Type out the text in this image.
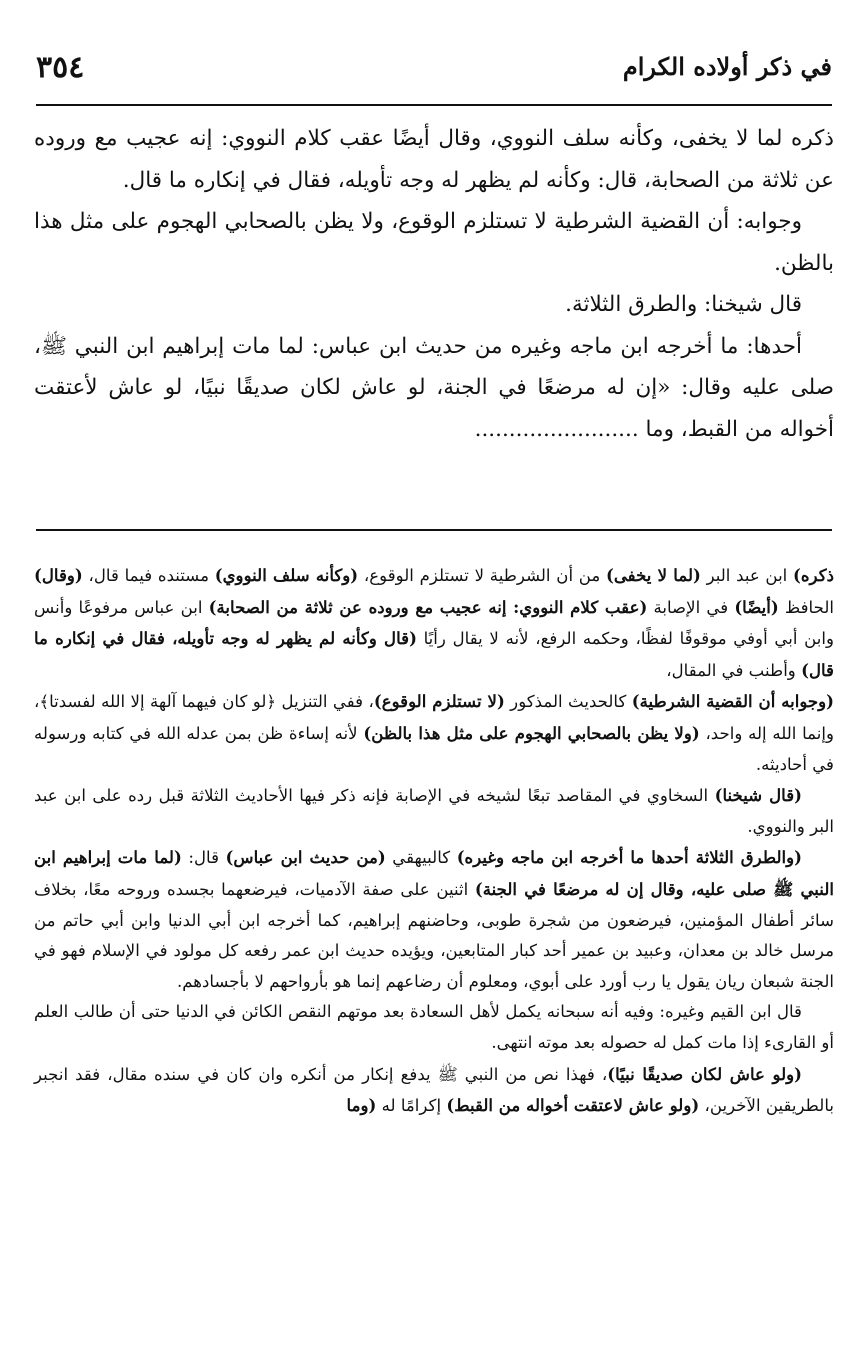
٣٥٤	في ذكر أولاده الكرام

ذكره لما لا يخفى، وكأنه سلف النووي، وقال أيضًا عقب كلام النووي: إنه عجيب مع وروده عن ثلاثة من الصحابة، قال: وكأنه لم يظهر له وجه تأويله، فقال في إنكاره ما قال.

وجوابه: أن القضية الشرطية لا تستلزم الوقوع، ولا يظن بالصحابي الهجوم على مثل هذا بالظن.

قال شيخنا: والطرق الثلاثة.

أحدها: ما أخرجه ابن ماجه وغيره من حديث ابن عباس: لما مات إبراهيم ابن النبي ﷺ، صلى عليه وقال: «إن له مرضعًا في الجنة، لو عاش لكان صديقًا نبيًا، لو عاش لأعتقت أخواله من القبط، وما ........................

ذكره) ابن عبد البر (لما لا يخفى) من أن الشرطية لا تستلزم الوقوع، (وكأنه سلف النووي) مستنده فيما قال، (وقال) الحافظ (أيضًا) في الإصابة (عقب كلام النووي: إنه عجيب مع وروده عن ثلاثة من الصحابة) ابن عباس مرفوعًا وأنس وابن أبي أوفي موقوفًا لفظًا، وحكمه الرفع، لأنه لا يقال رأيًا (قال وكأنه لم يظهر له وجه تأويله، فقال في إنكاره ما قال) وأطنب في المقال،

(وجوابه أن القضية الشرطية) كالحديث المذكور (لا تستلزم الوقوع)، ففي التنزيل ﴿لو كان فيهما آلهة إلا الله لفسدتا﴾، وإنما الله إله واحد، (ولا يظن بالصحابي الهجوم على مثل هذا بالظن) لأنه إساءة ظن بمن عدله الله في كتابه ورسوله في أحاديثه.

(قال شيخنا) السخاوي في المقاصد تبعًا لشيخه في الإصابة فإنه ذكر فيها الأحاديث الثلاثة قبل رده على ابن عبد البر والنووي.

(والطرق الثلاثة أحدها ما أخرجه ابن ماجه وغيره) كالبيهقي (من حديث ابن عباس) قال: (لما مات إبراهيم ابن النبي ﷺ صلى عليه، وقال إن له مرضعًا في الجنة) اثنين على صفة الآدميات، فيرضعهما بجسده وروحه معًا، بخلاف سائر أطفال المؤمنين، فيرضعون من شجرة طوبى، وحاضنهم إبراهيم، كما أخرجه ابن أبي الدنيا وابن أبي حاتم من مرسل خالد بن معدان، وعبيد بن عمير أحد كبار المتابعين، ويؤيده حديث ابن عمر رفعه كل مولود في الإسلام فهو في الجنة شبعان ريان يقول يا رب أورد على أبوي، ومعلوم أن رضاعهم إنما هو بأرواحهم لا بأجسادهم.

قال ابن القيم وغيره: وفيه أنه سبحانه يكمل لأهل السعادة بعد موتهم النقص الكائن في الدنيا حتى أن طالب العلم أو القارىء إذا مات كمل له حصوله بعد موته انتهى.

(ولو عاش لكان صديقًا نبيًا)، فهذا نص من النبي ﷺ يدفع إنكار من أنكره وان كان في سنده مقال، فقد انجبر بالطريقين الآخرين، (ولو عاش لاعتقت أخواله من القبط) إكرامًا له (وما
